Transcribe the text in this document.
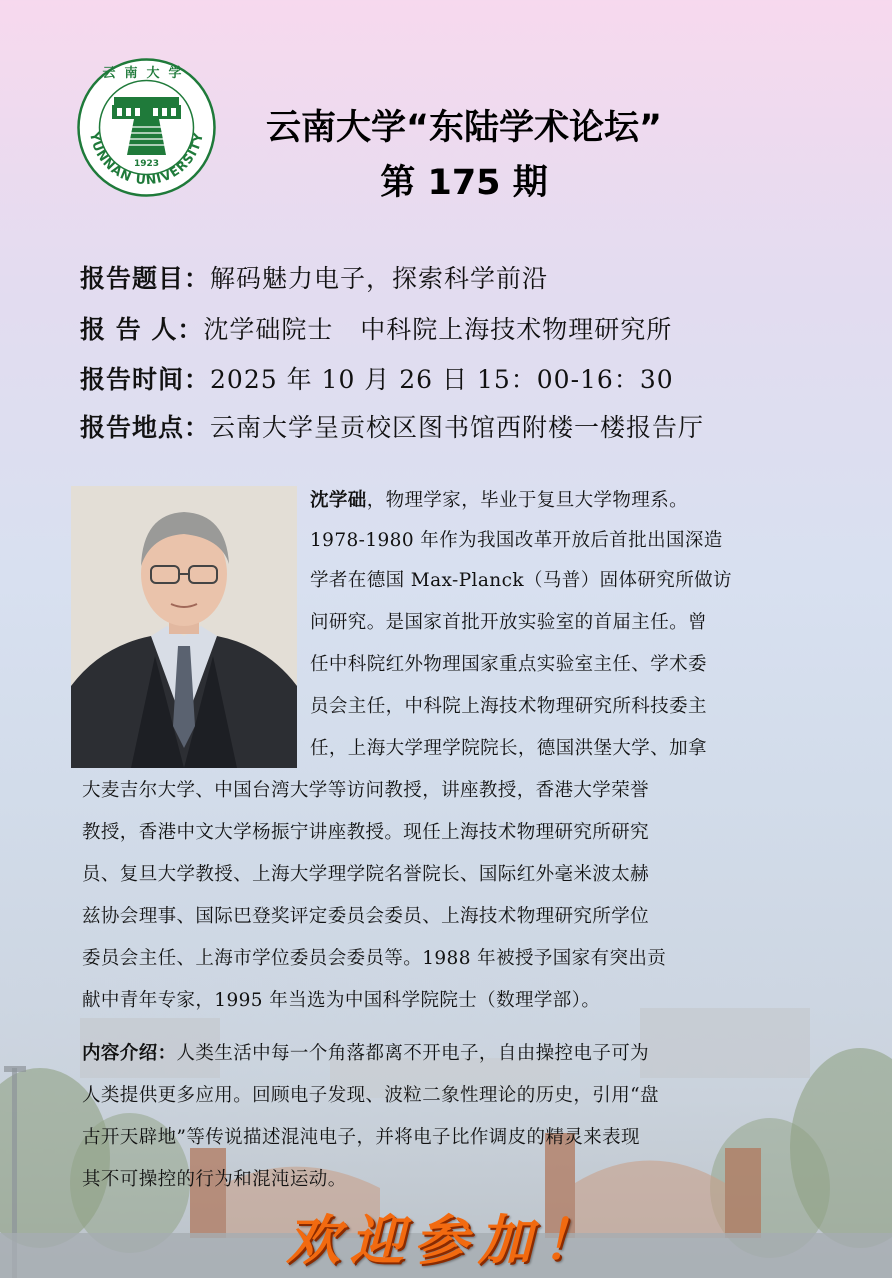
YUNNAN UNIVERSITY
云南大学
1923
云南大学“东陆学术论坛”
第 175 期
报告题目：解码魅力电子，探索科学前沿
报 告 人：沈学础院士   中科院上海技术物理研究所
报告时间：2025 年 10 月 26 日 15：00-16：30
报告地点：云南大学呈贡校区图书馆西附楼一楼报告厅
沈学础，物理学家，毕业于复旦大学物理系。
1978-1980 年作为我国改革开放后首批出国深造
学者在德国 Max-Planck（马普）固体研究所做访
问研究。是国家首批开放实验室的首届主任。曾
任中科院红外物理国家重点实验室主任、学术委
员会主任，中科院上海技术物理研究所科技委主
任，上海大学理学院院长，德国洪堡大学、加拿
大麦吉尔大学、中国台湾大学等访问教授，讲座教授，香港大学荣誉
教授，香港中文大学杨振宁讲座教授。现任上海技术物理研究所研究
员、复旦大学教授、上海大学理学院名誉院长、国际红外毫米波太赫
兹协会理事、国际巴登奖评定委员会委员、上海技术物理研究所学位
委员会主任、上海市学位委员会委员等。1988 年被授予国家有突出贡
献中青年专家，1995 年当选为中国科学院院士（数理学部）。
内容介绍：人类生活中每一个角落都离不开电子，自由操控电子可为
人类提供更多应用。回顾电子发现、波粒二象性理论的历史，引用“盘
古开天辟地”等传说描述混沌电子，并将电子比作调皮的精灵来表现
其不可操控的行为和混沌运动。
欢迎参加！
